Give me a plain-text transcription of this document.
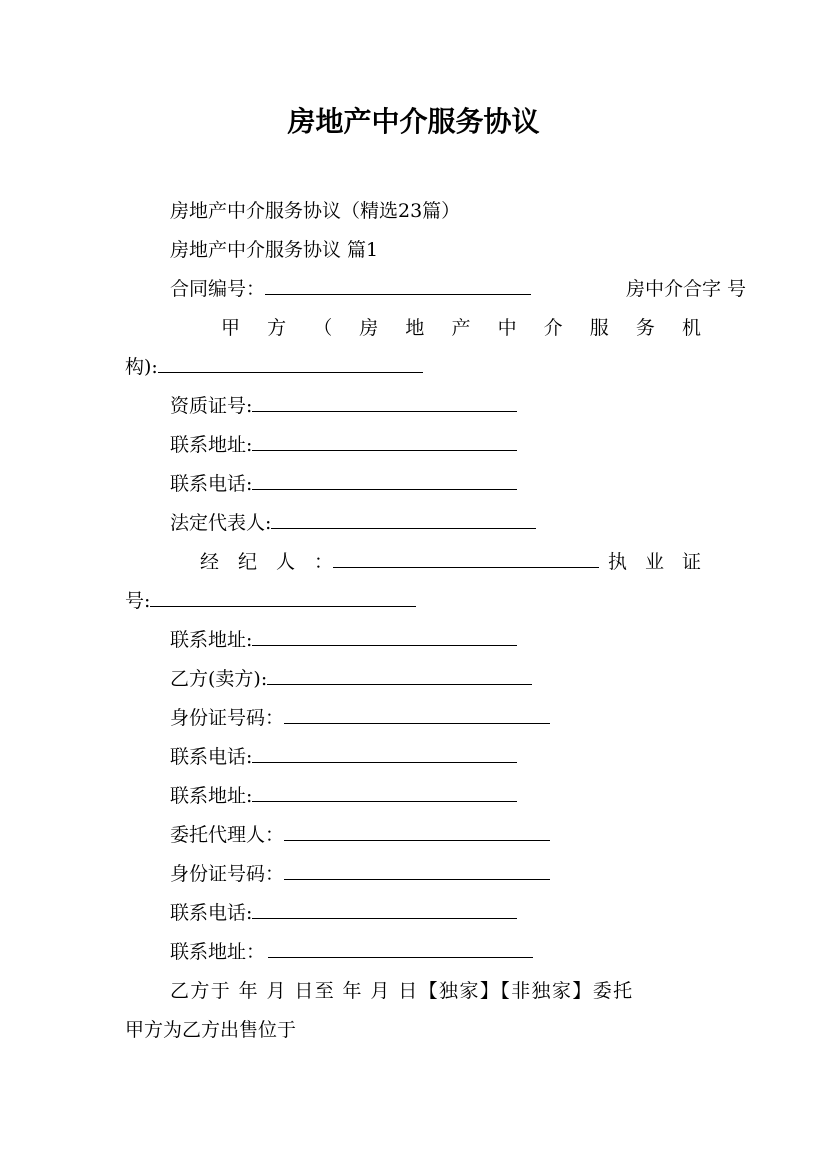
房地产中介服务协议
房地产中介服务协议（精选23篇）
房地产中介服务协议 篇1
合同编号：	房中介合字 号
甲 方 （ 房 地 产 中 介 服 务 机
构):
资质证号:
联系地址:
联系电话:
法定代表人:
经 纪 人 ：	执 业 证
号:
联系地址:
乙方(卖方):
身份证号码：
联系电话:
联系地址:
委托代理人：
身份证号码：
联系电话:
联系地址：
乙方于 年 月 日至 年 月 日【独家】【非独家】委托
甲方为乙方出售位于
